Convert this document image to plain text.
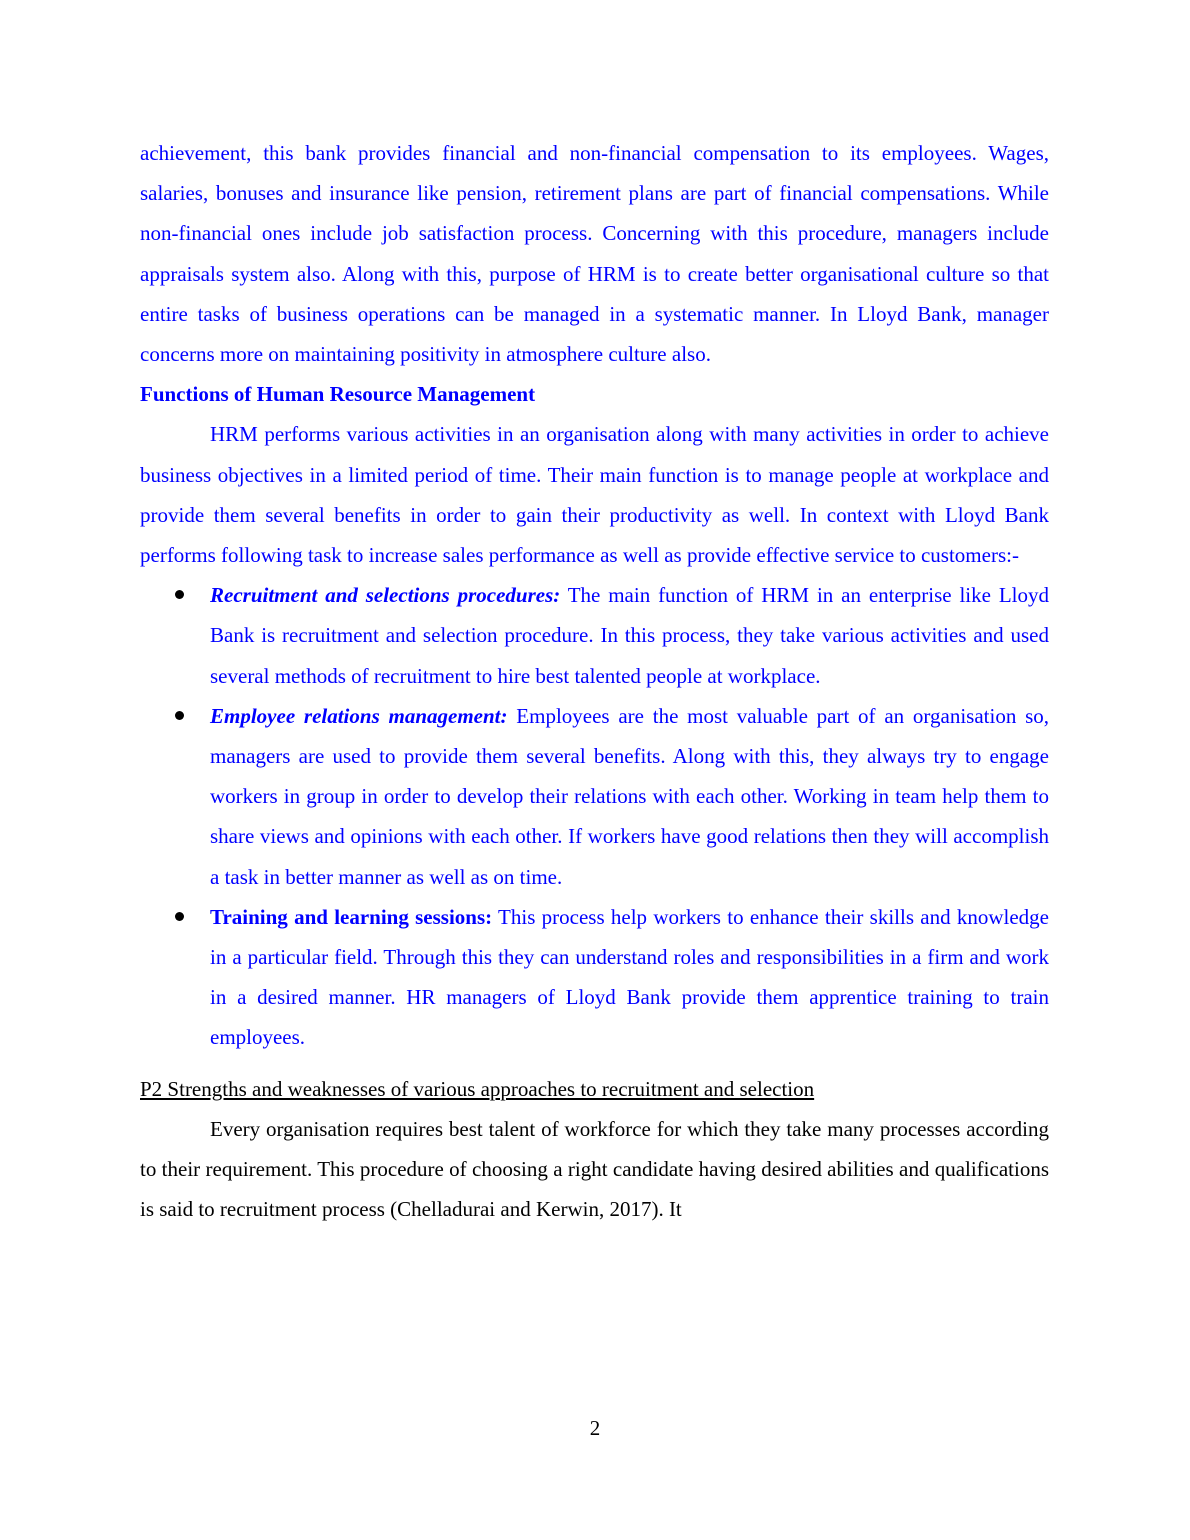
achievement, this bank provides financial and non-financial compensation to its employees. Wages, salaries, bonuses and insurance like pension, retirement plans are part of financial compensations. While non-financial ones include job satisfaction process. Concerning with this procedure, managers include appraisals system also. Along with this, purpose of HRM is to create better organisational culture so that entire tasks of business operations can be managed in a systematic manner. In Lloyd Bank, manager concerns more on maintaining positivity in atmosphere culture also.

Functions of Human Resource Management

HRM performs various activities in an organisation along with many activities in order to achieve business objectives in a limited period of time. Their main function is to manage people at workplace and provide them several benefits in order to gain their productivity as well. In context with Lloyd Bank performs following task to increase sales performance as well as provide effective service to customers:-

Recruitment and selections procedures: The main function of HRM in an enterprise like Lloyd Bank is recruitment and selection procedure. In this process, they take various activities and used several methods of recruitment to hire best talented people at workplace.
Employee relations management: Employees are the most valuable part of an organisation so, managers are used to provide them several benefits. Along with this, they always try to engage workers in group in order to develop their relations with each other. Working in team help them to share views and opinions with each other. If workers have good relations then they will accomplish a task in better manner as well as on time.
Training and learning sessions: This process help workers to enhance their skills and knowledge in a particular field. Through this they can understand roles and responsibilities in a firm and work in a desired manner. HR managers of Lloyd Bank provide them apprentice training to train employees.
P2 Strengths and weaknesses of various approaches to recruitment and selection

Every organisation requires best talent of workforce for which they take many processes according to their requirement. This procedure of choosing a right candidate having desired abilities and qualifications is said to recruitment process (Chelladurai and Kerwin, 2017). It

2
